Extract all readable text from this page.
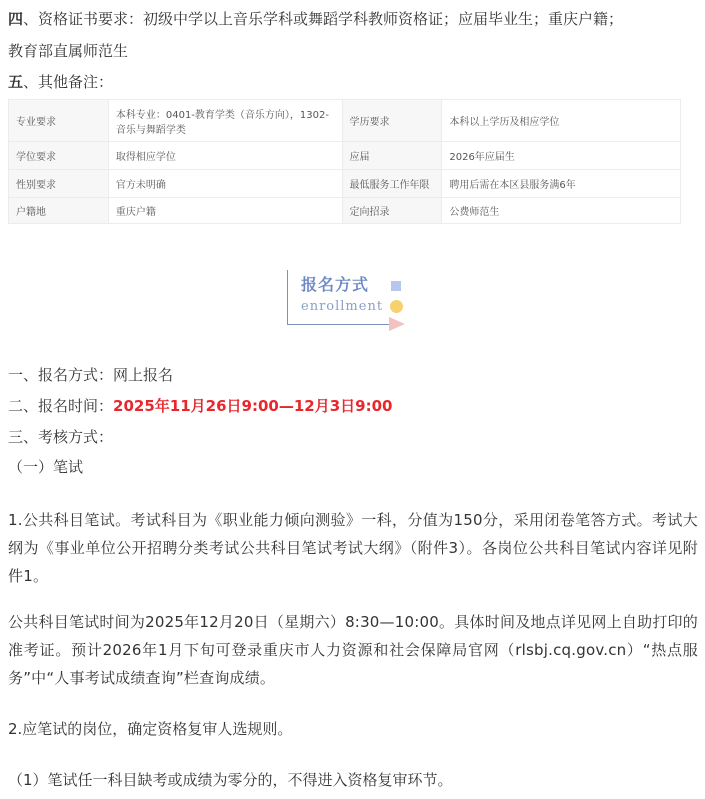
四、资格证书要求：初级中学以上音乐学科或舞蹈学科教师资格证；应届毕业生；重庆户籍；
教育部直属师范生
五、其他备注：
专业要求	本科专业：0401-教育学类（音乐方向），1302-音乐与舞蹈学类	学历要求	本科以上学历及相应学位
学位要求	取得相应学位	应届	2026年应届生
性别要求	官方未明确	最低服务工作年限	聘用后需在本区县服务满6年
户籍地	重庆户籍	定向招录	公费师范生
报名方式
enrollment
一、报名方式：网上报名
二、报名时间：2025年11月26日9:00—12月3日9:00
三、考核方式：
（一）笔试
1.公共科目笔试。考试科目为《职业能力倾向测验》一科，分值为150分，采用闭卷笔答方式。考试大纲为《事业单位公开招聘分类考试公共科目笔试考试大纲》（附件3）。各岗位公共科目笔试内容详见附件1。
公共科目笔试时间为2025年12月20日（星期六）8:30—10:00。具体时间及地点详见网上自助打印的准考证。预计2026年1月下旬可登录重庆市人力资源和社会保障局官网（rlsbj.cq.gov.cn）“热点服务”中“人事考试成绩查询”栏查询成绩。
2.应笔试的岗位，确定资格复审人选规则。
（1）笔试任一科目缺考或成绩为零分的，不得进入资格复审环节。
